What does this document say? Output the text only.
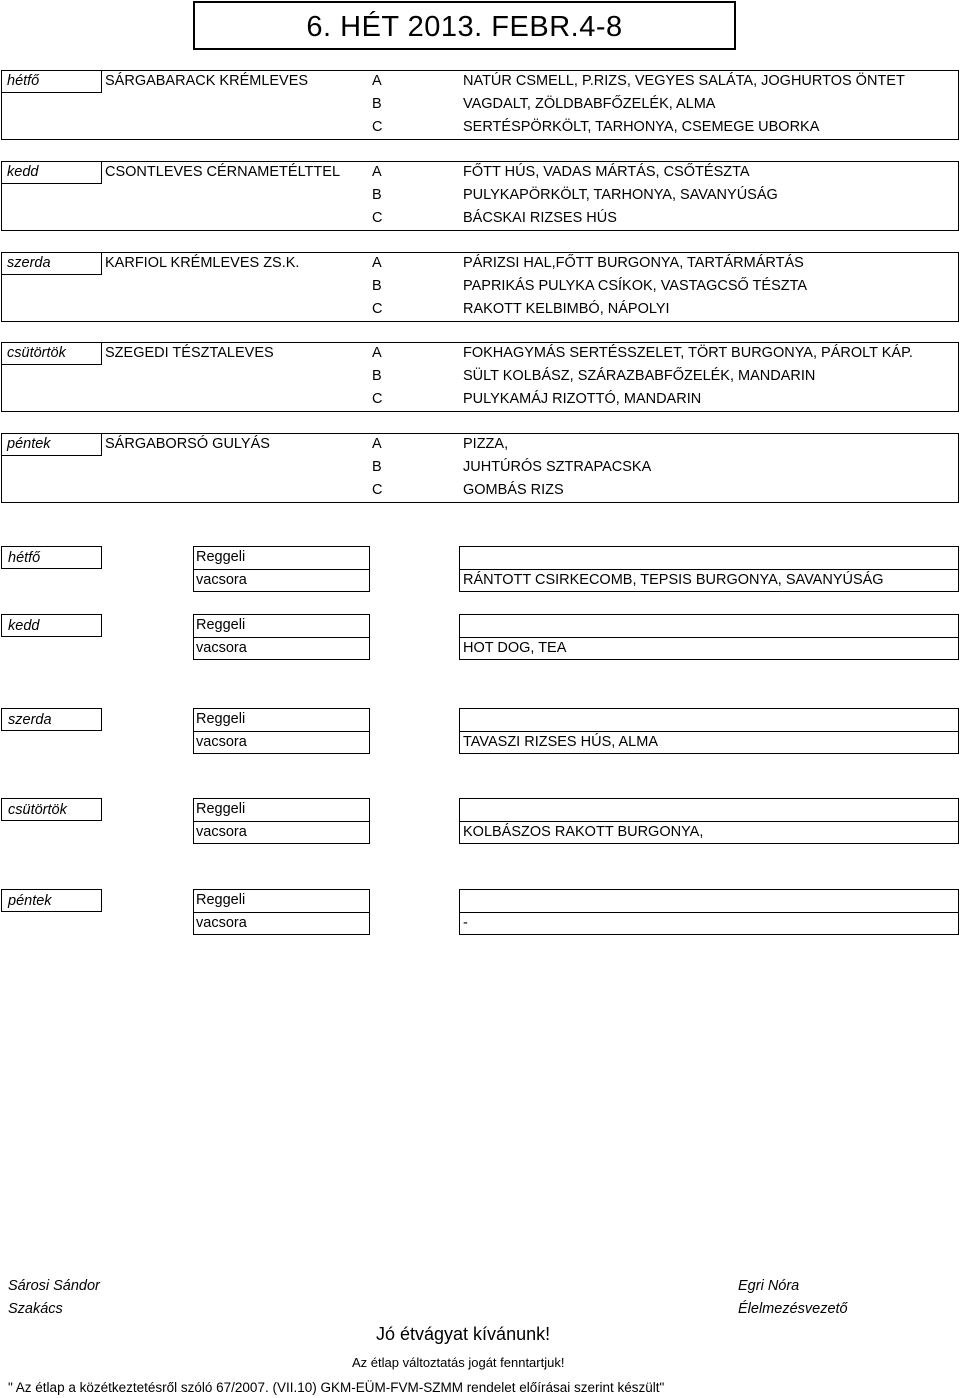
6. HÉT 2013. FEBR.4-8
hétfő	SÁRGABARACK KRÉMLEVES	A	NATÚR CSMELL, P.RIZS, VEGYES SALÁTA, JOGHURTOS ÖNTET
B	VAGDALT, ZÖLDBABFŐZELÉK, ALMA
C	SERTÉSPÖRKÖLT, TARHONYA, CSEMEGE UBORKA
kedd	CSONTLEVES CÉRNAMETÉLTTEL A	FŐTT HÚS, VADAS MÁRTÁS, CSŐTÉSZTA
B	PULYKAPÖRKÖLT, TARHONYA, SAVANYÚSÁG
C	BÁCSKAI RIZSES HÚS
szerda	KARFIOL KRÉMLEVES ZS.K.	A	PÁRIZSI HAL,FŐTT BURGONYA, TARTÁRMÁRTÁS
B	PAPRIKÁS PULYKA CSÍKOK, VASTAGCSŐ TÉSZTA
C	RAKOTT KELBIMBÓ, NÁPOLYI
csütörtök	SZEGEDI TÉSZTALEVES	A	FOKHAGYMÁS SERTÉSSZELET, TÖRT BURGONYA, PÁROLT KÁP.
B	SÜLT KOLBÁSZ, SZÁRAZBABFŐZELÉK, MANDARIN
C	PULYKAMÁJ RIZOTTÓ, MANDARIN
péntek	SÁRGABORSÓ GULYÁS	A	PIZZA,
B	JUHTÚRÓS SZTRAPACSKA
C	GOMBÁS RIZS
hétfő	Reggeli
vacsora	RÁNTOTT CSIRKECOMB, TEPSIS BURGONYA, SAVANYÚSÁG
kedd	Reggeli
vacsora	HOT DOG, TEA
szerda	Reggeli
vacsora	TAVASZI RIZSES HÚS, ALMA
csütörtök	Reggeli
vacsora	KOLBÁSZOS RAKOTT BURGONYA,
péntek	Reggeli
vacsora	-
Sárosi Sándor
Szakács
Egri Nóra
Élelmezésvezető
Jó étvágyat kívánunk!
Az étlap változtatás jogát fenntartjuk!
" Az étlap a közétkeztetésről szóló 67/2007. (VII.10) GKM-EÜM-FVM-SZMM rendelet előírásai szerint készült"
